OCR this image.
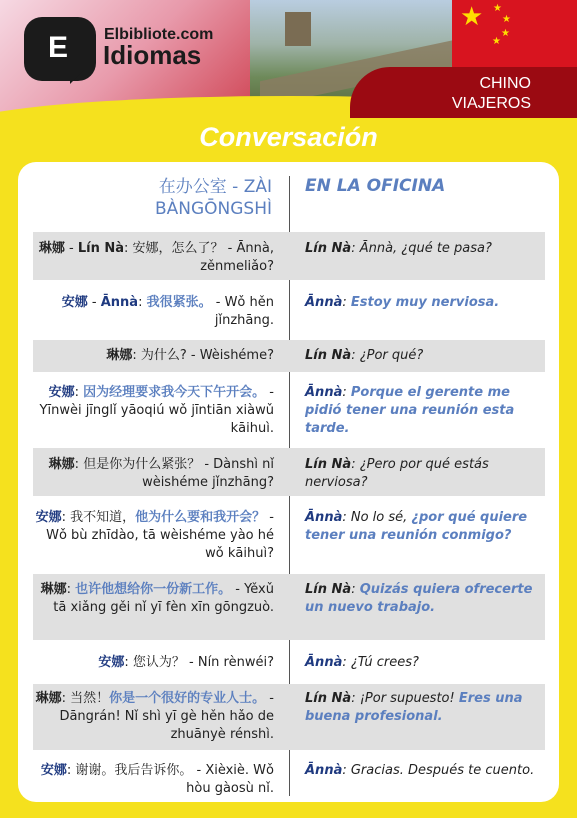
★ ★
★
★
★
CHINO
VIAJEROS
E	Elbibliote.com
Idiomas
Conversación
在办公室 - ZÀI BÀNGŌNGSHÌ
EN LA OFICINA
琳娜 - Lín Nà: 安娜，怎么了？ - Ānnà, zěnmeliǎo?
Lín Nà: Ānnà, ¿qué te pasa?
安娜 - Ānnà: 我很紧张。 - Wǒ hěn jǐnzhāng.
Ānnà: Estoy muy nerviosa.
琳娜: 为什么? - Wèishéme? Lín Nà: ¿Por qué?
安娜: 因为经理要求我今天下午开会。 - Yīnwèi jīnglǐ yāoqiú wǒ jīntiān xiàwǔ kāihuì.
Ānnà: Porque el gerente me pidió tener una reunión esta tarde.
琳娜: 但是你为什么紧张？ - Dànshì nǐ wèishéme jǐnzhāng?
Lín Nà: ¿Pero por qué estás nerviosa?
安娜: 我不知道，他为什么要和我开会？ - Wǒ bù zhīdào, tā wèishéme yào hé wǒ kāihuì?
Ānnà: No lo sé, ¿por qué quiere tener una reunión conmigo?
琳娜: 也许他想给你一份新工作。 - Yěxǔ tā xiǎng gěi nǐ yī fèn xīn gōngzuò.
Lín Nà: Quizás quiera ofrecerte un nuevo trabajo.
安娜: 您认为？ - Nín rènwéi? Ānnà: ¿Tú crees?
琳娜: 当然！你是一个很好的专业人士。 - Dāngrán! Nǐ shì yī gè hěn hǎo de zhuānyè rénshì.
Lín Nà: ¡Por supuesto! Eres una buena profesional.
安娜: 谢谢。我后告诉你。 - Xièxiè. Wǒ hòu gàosù nǐ.
Ānnà: Gracias. Después te cuento.
